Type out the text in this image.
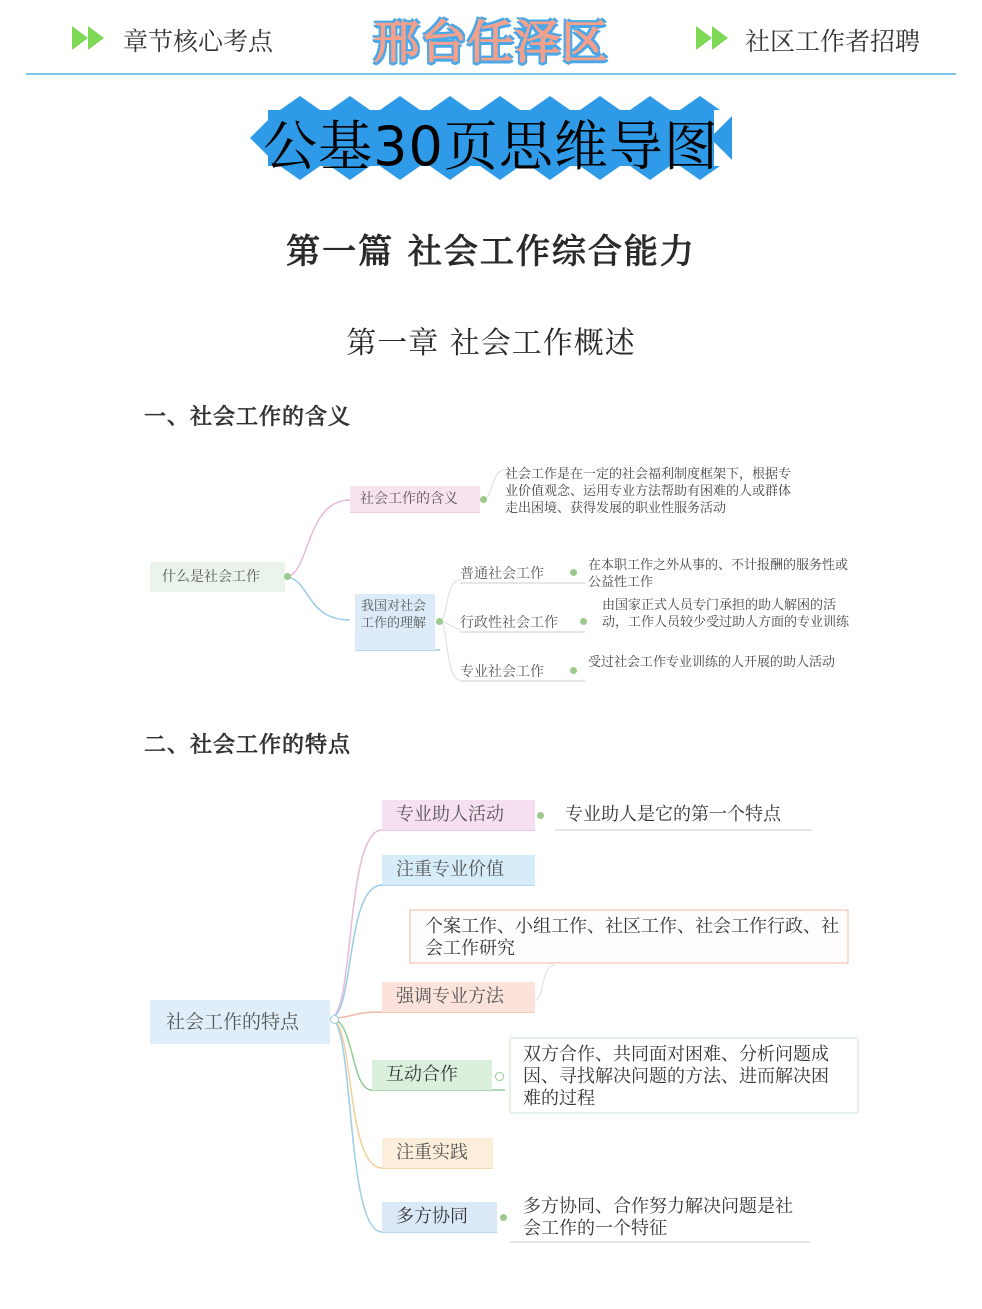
章节核心考点	邢台任泽区	社区工作者招聘
公基30页思维导图
第一篇 社会工作综合能力
第一章 社会工作概述
一、社会工作的含义
什么是社会工作
社会工作的含义
社会工作是在一定的社会福利制度框架下，根据专业价值观念、运用专业方法帮助有困难的人或群体走出困境、获得发展的职业性服务活动
我国对社会工作的理解
普通社会工作
在本职工作之外从事的、不计报酬的服务性或公益性工作
行政性社会工作
由国家正式人员专门承担的助人解困的活动，工作人员较少受过助人方面的专业训练
专业社会工作
受过社会工作专业训练的人开展的助人活动
二、社会工作的特点
社会工作的特点
专业助人活动	专业助人是它的第一个特点
注重专业价值
个案工作、小组工作、社区工作、社会工作行政、社会工作研究
强调专业方法
互动合作
双方合作、共同面对困难、分析问题成因、寻找解决问题的方法、进而解决困难的过程
注重实践
多方协同	多方协同、合作努力解决问题是社会工作的一个特征
